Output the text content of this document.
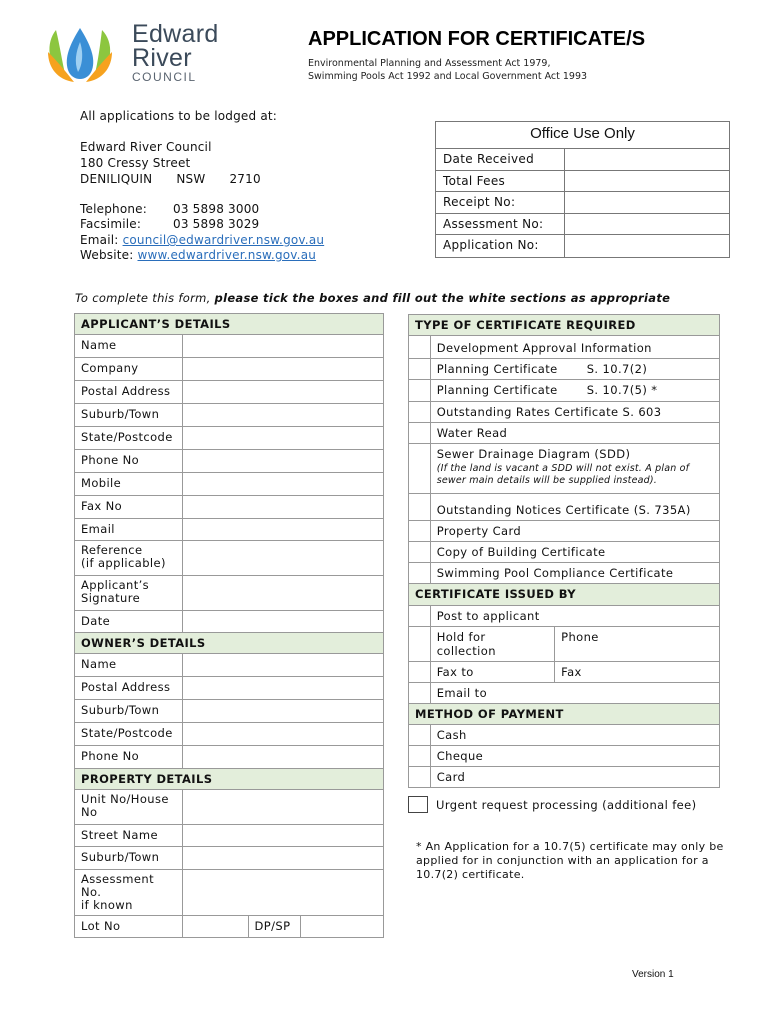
Edward
River
COUNCIL
APPLICATION FOR CERTIFICATE/S
Environmental Planning and Assessment Act 1979,
Swimming Pools Act 1992 and Local Government Act 1993
All applications to be lodged at:
Edward River Council
180 Cressy Street
DENILIQUIN NSW 2710
Telephone: 03 5898 3000
Facsimile:	03 5898 3029
Email: council@edwardriver.nsw.gov.au
Website: www.edwardriver.nsw.gov.au
Office Use Only
Date Received
Total Fees
Receipt No:
Assessment No:
Application No:
To complete this form, please tick the boxes and fill out the white sections as appropriate
APPLICANT’S DETAILS			
Name			
Company			
Postal Address			
Suburb/Town			
State/Postcode			
Phone No			
Mobile			
Fax No			
Email			
Reference
(if applicable)			
Applicant’s
Signature			
Date			
OWNER’S DETAILS			
Name			
Postal Address			
Suburb/Town			
State/Postcode			
Phone No			
PROPERTY DETAILS			
Unit No/House
No			
Street Name			
Suburb/Town			
Assessment No.
if known			
Lot No		DP/SP	
TYPE OF CERTIFICATE REQUIRED		
	Development Approval Information	
	Planning Certificate S. 10.7(2)	
	Planning Certificate S. 10.7(5) *	
	Outstanding Rates Certificate S. 603	
	Water Read	
	Sewer Drainage Diagram (SDD)
(If the land is vacant a SDD will not exist. A plan of sewer main details will be supplied instead).	

	Outstanding Notices Certificate (S. 735A)	
	Property Card	
	Copy of Building Certificate	
	Swimming Pool Compliance Certificate	
CERTIFICATE ISSUED BY		
	Post to applicant	
	Hold for collection	Phone
	Fax to	Fax
	Email to	
METHOD OF PAYMENT		
	Cash	
	Cheque	
	Card	
Urgent request processing (additional fee)
* An Application for a 10.7(5) certificate may only be applied for in conjunction with an application for a 10.7(2) certificate.
Version 1
